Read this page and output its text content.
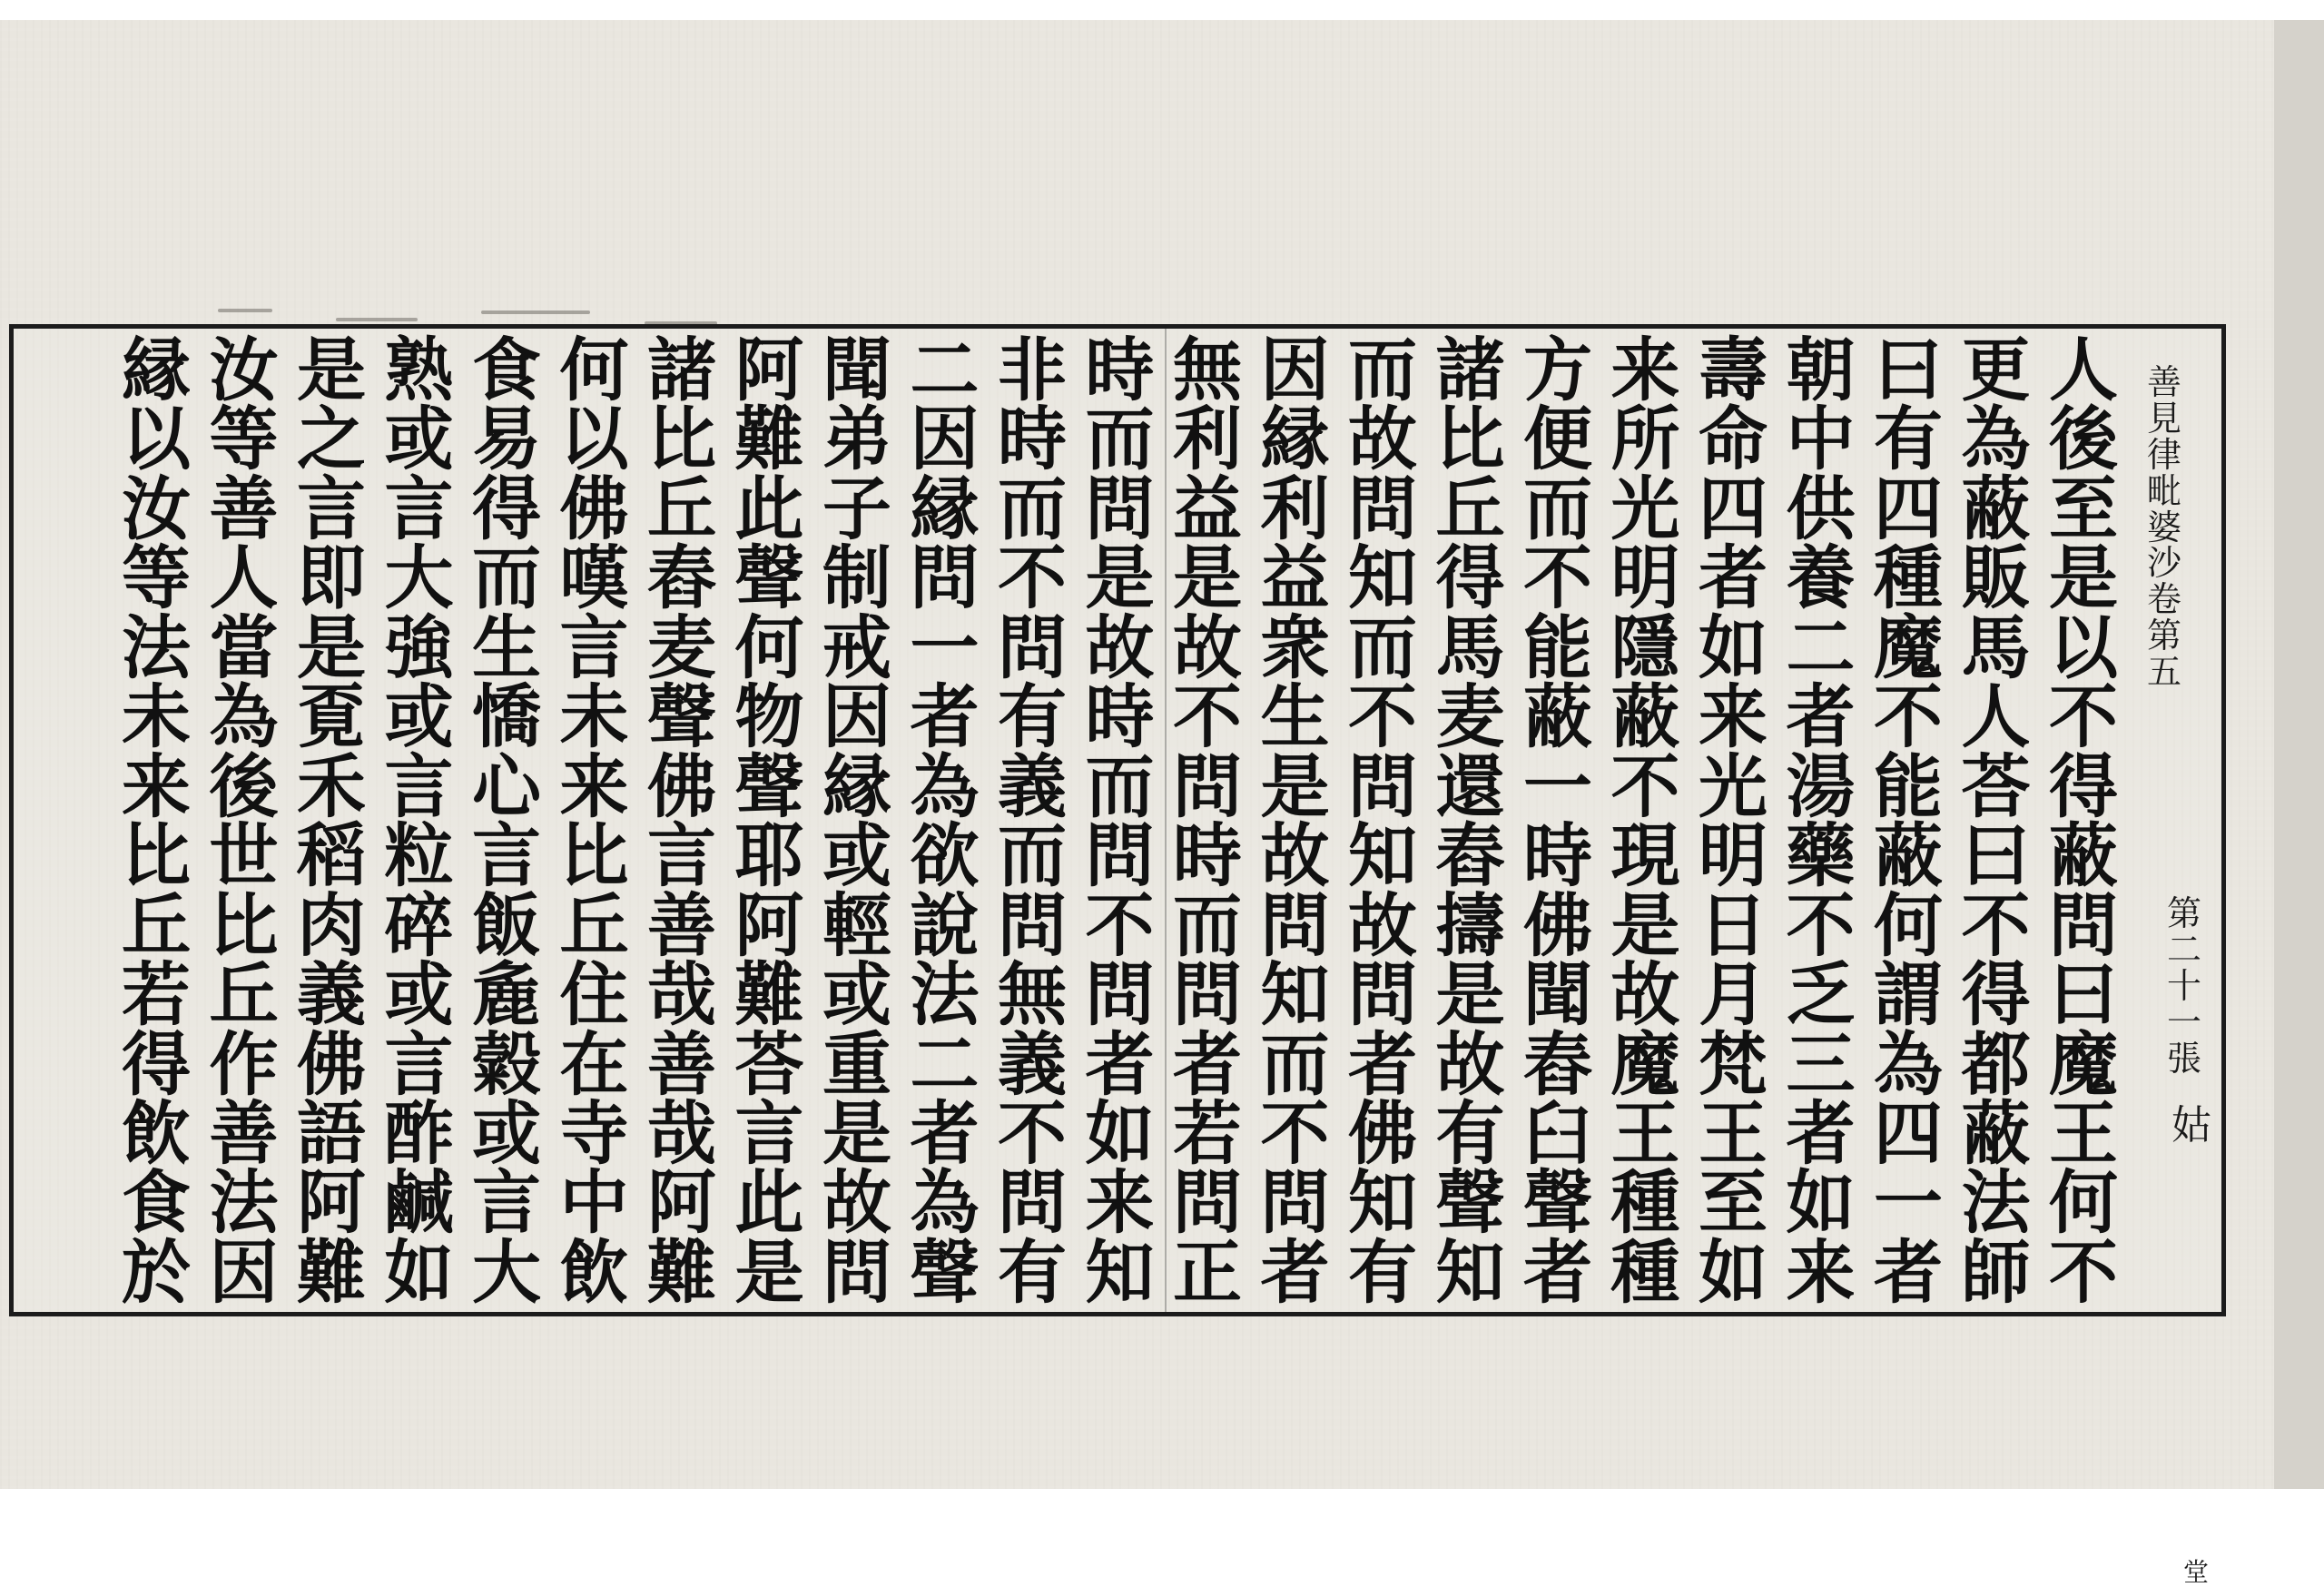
善
見
律
毗
婆
沙
卷
第
五
第
二
十
一
張
姑
堂
人
後
至
是
以
不
得
蔽
問
曰
魔
王
何
不
更
為
蔽
販
馬
人
荅
曰
不
得
都
蔽
法
師
曰
有
四
種
魔
不
能
蔽
何
謂
為
四
一
者
朝
中
供
養
二
者
湯
藥
不
乏
三
者
如
来
壽
命
四
者
如
来
光
明
日
月
梵
王
至
如
来
所
光
明
隱
蔽
不
現
是
故
魔
王
種
種
方
便
而
不
能
蔽
一
時
佛
聞
舂
臼
聲
者
諸
比
丘
得
馬
麦
還
舂
擣
是
故
有
聲
知
而
故
問
知
而
不
問
知
故
問
者
佛
知
有
因
縁
利
益
衆
生
是
故
問
知
而
不
問
者
無
利
益
是
故
不
問
時
而
問
者
若
問
正
時
而
問
是
故
時
而
問
不
問
者
如
来
知
非
時
而
不
問
有
義
而
問
無
義
不
問
有
二
因
縁
問
一
者
為
欲
說
法
二
者
為
聲
聞
弟
子
制
戒
因
縁
或
輕
或
重
是
故
問
阿
難
此
聲
何
物
聲
耶
阿
難
荅
言
此
是
諸
比
丘
舂
麦
聲
佛
言
善
哉
善
哉
阿
難
何
以
佛
嘆
言
未
来
比
丘
住
在
寺
中
飲
食
易
得
而
生
憍
心
言
飯
麁
糓
或
言
大
熟
或
言
大
強
或
言
粒
碎
或
言
酢
鹹
如
是
之
言
即
是
覔
禾
稻
肉
義
佛
語
阿
難
汝
等
善
人
當
為
後
世
比
丘
作
善
法
因
縁
以
汝
等
法
未
来
比
丘
若
得
飲
食
於
